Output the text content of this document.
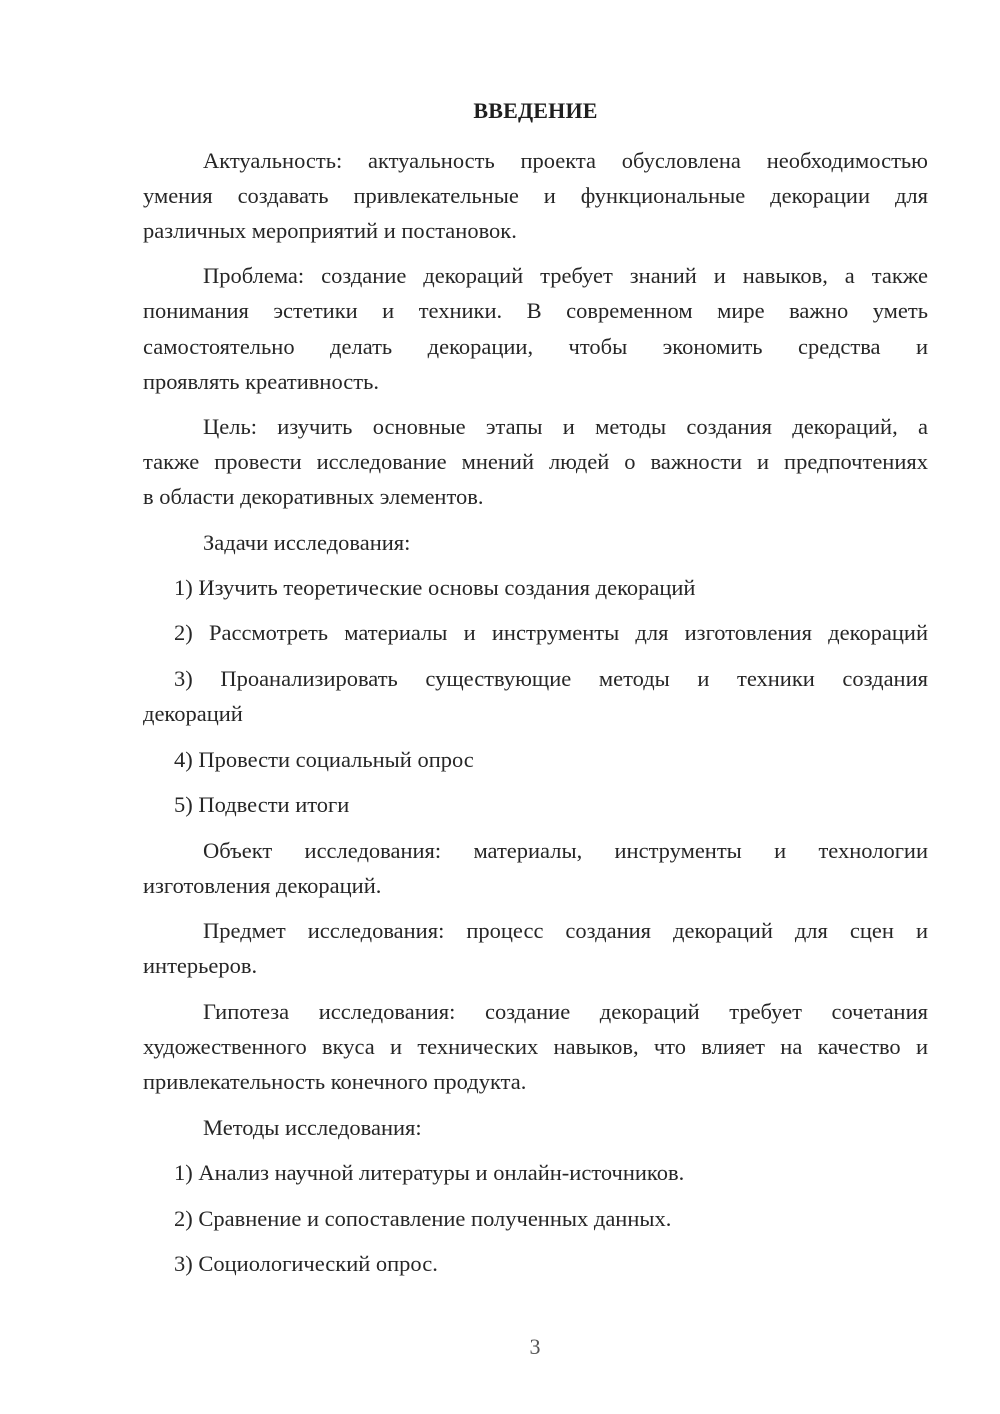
ВВЕДЕНИЕ
Актуальность: актуальность проекта обусловлена необходимостью
умения создавать привлекательные и функциональные декорации для
различных мероприятий и постановок.
Проблема: создание декораций требует знаний и навыков, а также
понимания эстетики и техники. В современном мире важно уметь
самостоятельно делать декорации, чтобы экономить средства и
проявлять креативность.
Цель: изучить основные этапы и методы создания декораций, а
также провести исследование мнений людей о важности и предпочтениях
в области декоративных элементов.
Задачи исследования:
1) Изучить теоретические основы создания декораций
2) Рассмотреть материалы и инструменты для изготовления декораций
3) Проанализировать существующие методы и техники создания
декораций
4) Провести социальный опрос
5) Подвести итоги
Объект исследования: материалы, инструменты и технологии
изготовления декораций.
Предмет исследования: процесс создания декораций для сцен и
интерьеров.
Гипотеза исследования: создание декораций требует сочетания
художественного вкуса и технических навыков, что влияет на качество и
привлекательность конечного продукта.
Методы исследования:
1) Анализ научной литературы и онлайн-источников.
2) Сравнение и сопоставление полученных данных.
3) Социологический опрос.
3
